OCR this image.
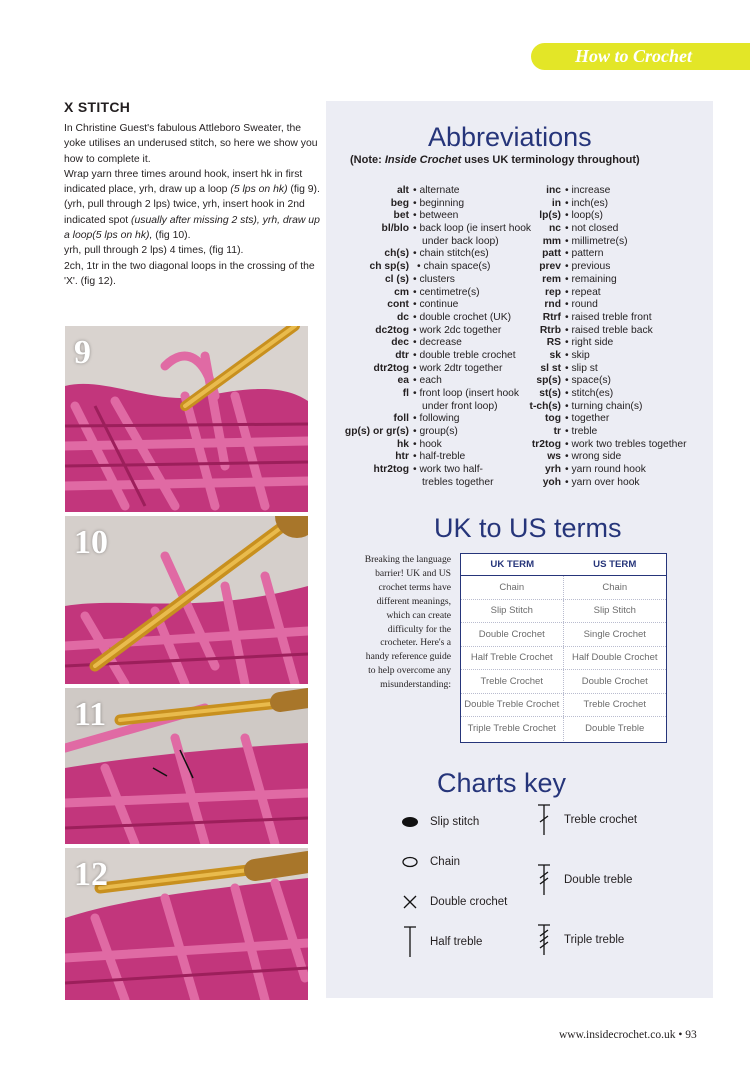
How to Crochet
X STITCH

In Christine Guest's fabulous Attleboro Sweater, the yoke utilises an underused stitch, so here we show you how to complete it.

Wrap yarn three times around hook, insert hk in first indicated place, yrh, draw up a loop (5 lps on hk) (fig 9).

(yrh, pull through 2 lps) twice, yrh, insert hook in 2nd indicated spot (usually after missing 2 sts), yrh, draw up a loop(5 lps on hk), (fig 10).

yrh, pull through 2 lps) 4 times, (fig 11).

2ch, 1tr in the two diagonal loops in the crossing of the 'X'. (fig 12).

9
10
11
12
Abbreviations
(Note: Inside Crochet uses UK terminology throughout)
alt • alternate
beg • beginning
bet • between
bl/blo • back loop (ie insert hook
under back loop)
ch(s) • chain stitch(es)
ch sp(s) • chain space(s)
cl (s) • clusters
cm • centimetre(s)
cont • continue
dc • double crochet (UK)
dc2tog • work 2dc together
dec • decrease
dtr • double treble crochet
dtr2tog • work 2dtr together
ea • each
fl • front loop (insert hook
under front loop)
foll • following
gp(s) or gr(s) • group(s)
hk • hook
htr • half-treble
htr2tog • work two half-
trebles together
inc • increase
in • inch(es)
lp(s) • loop(s)
nc • not closed
mm • millimetre(s)
patt • pattern
prev • previous
rem • remaining
rep • repeat
rnd • round
Rtrf • raised treble front
Rtrb • raised treble back
RS • right side
sk • skip
sl st • slip st
sp(s) • space(s)
st(s) • stitch(es)
t-ch(s) • turning chain(s)
tog • together
tr • treble
tr2tog • work two trebles together
ws • wrong side
yrh • yarn round hook
yoh • yarn over hook
UK to US terms
Breaking the language barrier! UK and US crochet terms have different meanings, which can create difficulty for the crocheter. Here's a handy reference guide to help overcome any misunderstanding:
UK TERM	US TERM
Chain	Chain
Slip Stitch	Slip Stitch
Double Crochet	Single Crochet
Half Treble Crochet	Half Double Crochet
Treble Crochet	Double Crochet
Double Treble Crochet	Treble Crochet
Triple Treble Crochet	Double Treble
Charts key
Slip stitch
Chain
Double crochet
Half treble
Treble crochet
Double treble
Triple treble
www.insidecrochet.co.uk • 93
